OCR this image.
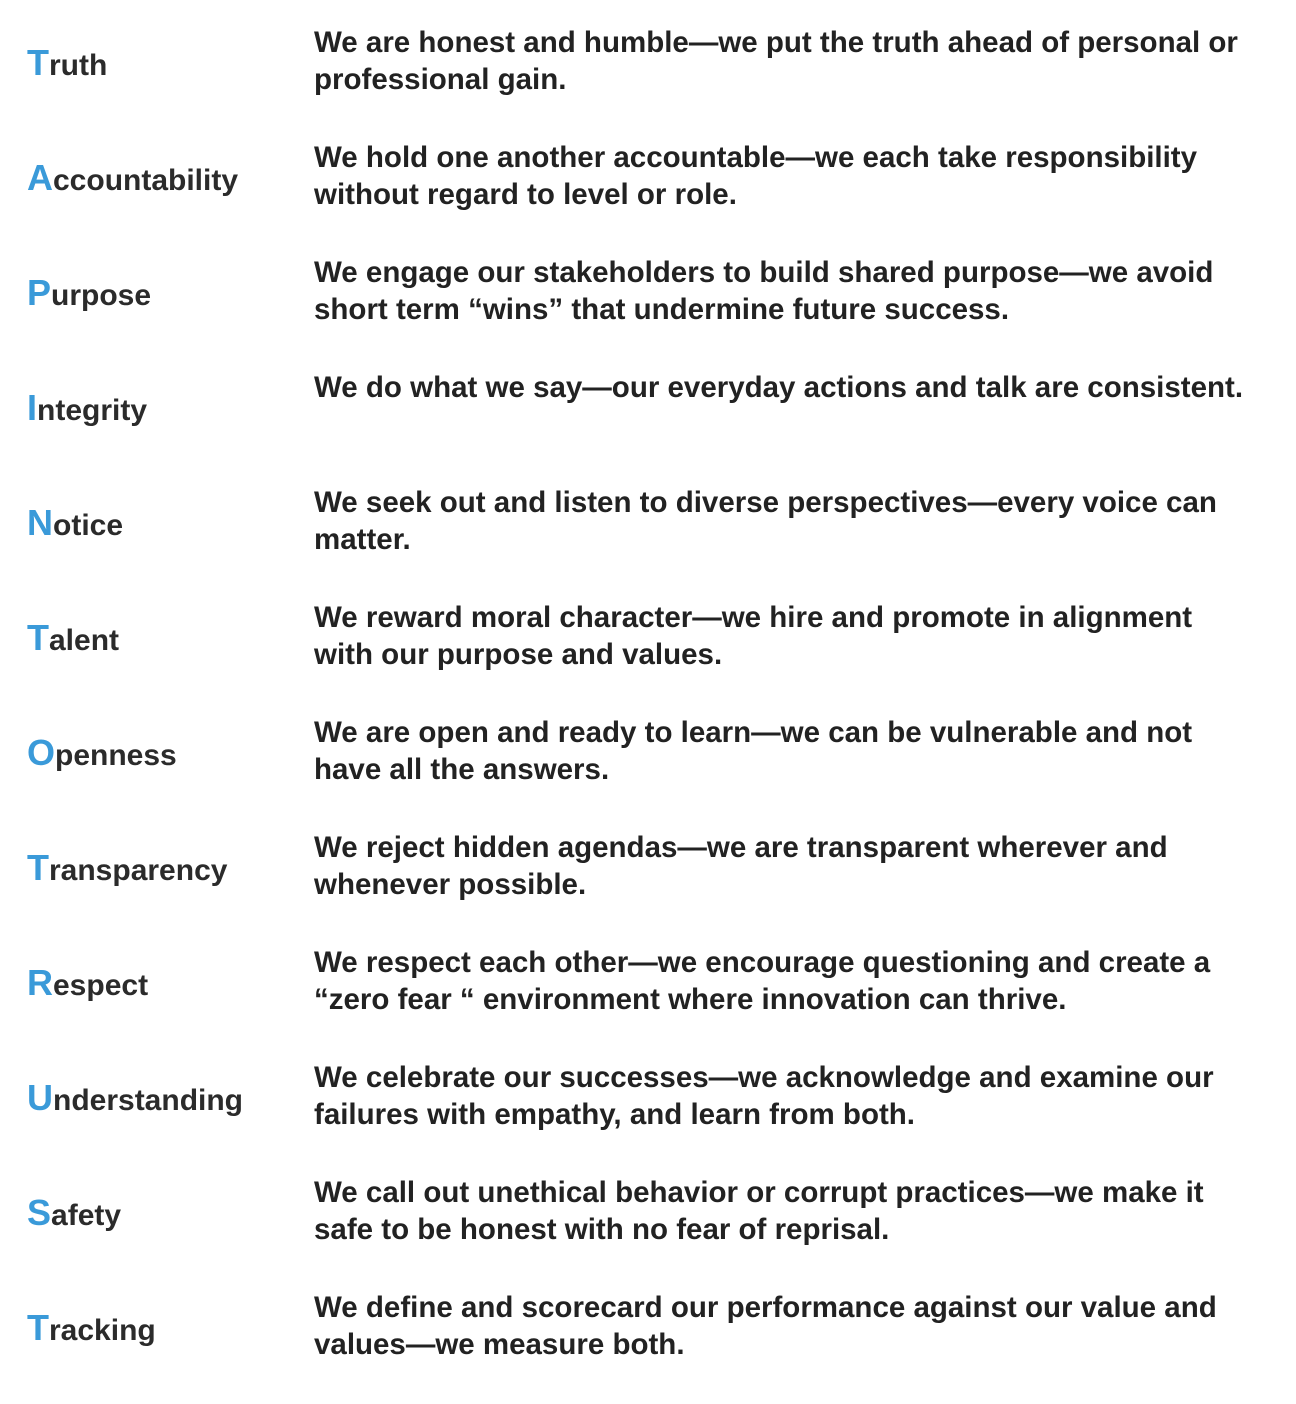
Truth
We are honest and humble—we put the truth ahead of personal or professional gain.
Accountability
We hold one another accountable—we each take responsibility without regard to level or role.
Purpose
We engage our stakeholders to build shared purpose—we avoid short term “wins” that undermine future success.
Integrity
We do what we say—our everyday actions and talk are consistent.
Notice
We seek out and listen to diverse perspectives—every voice can matter.
Talent
We reward moral character—we hire and promote in alignment with our purpose and values.
Openness
We are open and ready to learn—we can be vulnerable and not have all the answers.
Transparency
We reject hidden agendas—we are transparent wherever and whenever possible.
Respect
We respect each other—we encourage questioning and create a “zero fear “ environment where innovation can thrive.
Understanding
We celebrate our successes—we acknowledge and examine our failures with empathy, and learn from both.
Safety
We call out unethical behavior or corrupt practices—we make it safe to be honest with no fear of reprisal.
Tracking
We define and scorecard our performance against our value and values—we measure both.
